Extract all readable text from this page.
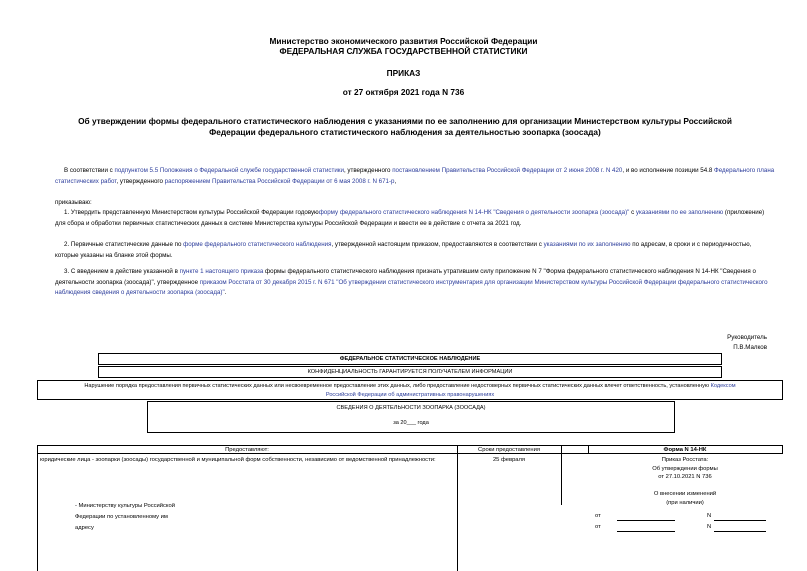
Министерство экономического развития Российской Федерации
ФЕДЕРАЛЬНАЯ СЛУЖБА ГОСУДАРСТВЕННОЙ СТАТИСТИКИ
ПРИКАЗ
от 27 октября 2021 года N 736
Об утверждении формы федерального статистического наблюдения с указаниями по ее заполнению для организации Министерством культуры Российской Федерации федерального статистического наблюдения за деятельностью зоопарка (зоосада)
В соответствии с подпунктом 5.5 Положения о Федеральной службе государственной статистики, утвержденного постановлением Правительства Российской Федерации от 2 июня 2008 г. N 420, и во исполнение позиции 54.8 Федерального плана статистических работ, утвержденного распоряжением Правительства Российской Федерации от 6 мая 2008 г. N 671-р,
приказываю:
1. Утвердить представленную Министерством культуры Российской Федерации годовуюформу федерального статистического наблюдения N 14-НК "Сведения о деятельности зоопарка (зоосада)" с указаниями по ее заполнению (приложение) для сбора и обработки первичных статистических данных в системе Министерства культуры Российской Федерации и ввести ее в действие с отчета за 2021 год.
2. Первичные статистические данные по форме федерального статистического наблюдения, утвержденной настоящим приказом, предоставляются в соответствии с указаниями по их заполнению по адресам, в сроки и с периодичностью, которые указаны на бланке этой формы.
3. С введением в действие указанной в пункте 1 настоящего приказа формы федерального статистического наблюдения признать утратившим силу приложение N 7 "Форма федерального статистического наблюдения N 14-НК "Сведения о деятельности зоопарка (зоосада)", утвержденное приказом Росстата от 30 декабря 2015 г. N 671 "Об утверждении статистического инструментария для организации Министерством культуры Российской Федерации федерального статистического наблюдения сведения о деятельности зоопарка (зоосада)".
Руководитель
П.В.Малков
ФЕДЕРАЛЬНОЕ СТАТИСТИЧЕСКОЕ НАБЛЮДЕНИЕ
КОНФИДЕНЦИАЛЬНОСТЬ ГАРАНТИРУЕТСЯ ПОЛУЧАТЕЛЕМ ИНФОРМАЦИИ
Нарушение порядка предоставления первичных статистических данных или несвоевременное предоставление этих данных, либо предоставление недостоверных первичных статистических данных влечет ответственность, установленную Кодексом Российской Федерации об административных правонарушениях
СВЕДЕНИЯ О ДЕЯТЕЛЬНОСТИ ЗООПАРКА (ЗООСАДА)
за 20___ года
Предоставляют:	Сроки предоставления	Форма N 14-НК
юридические лица - зоопарки (зоосады) государственной и муниципальной форм собственности, независимо от ведомственной принадлежности:	25 февраля	Приказ Росстата:
Об утверждении формы
от 27.10.2021 N 736
О внесении изменений
(при наличии)
- Министерству культуры Российской
Федерации по установленному им
адресу
от	N
от	N
